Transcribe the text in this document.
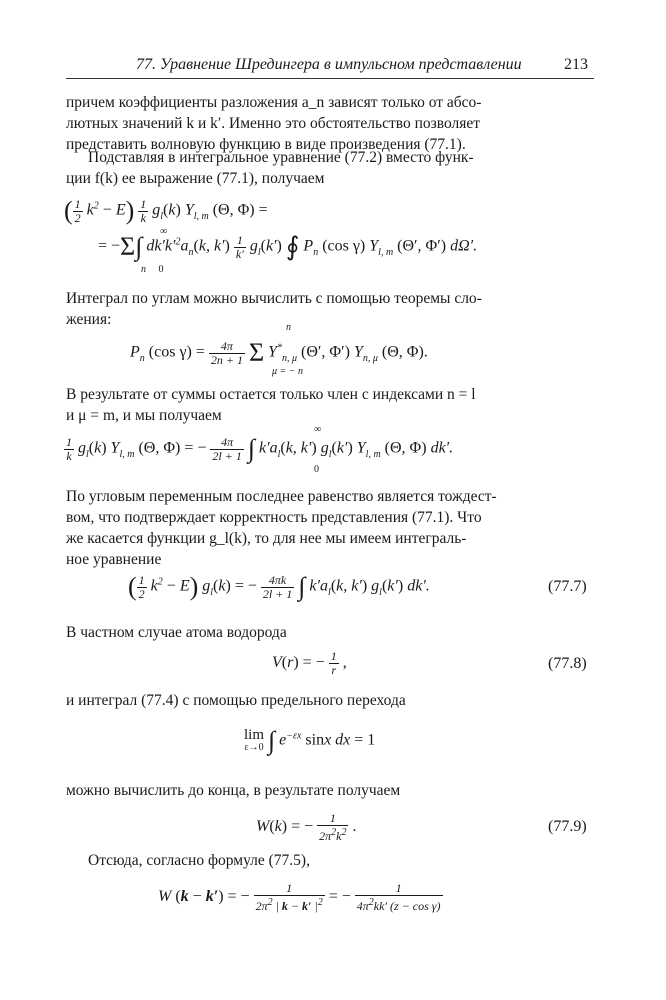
77. Уравнение Шредингера в импульсном представлении	213
причем коэффициенты разложения a_n зависят только от абсо-
лютных значений k и k′. Именно это обстоятельство позволяет
представить волновую функцию в виде произведения (77.1).
Подставляя в интегральное уравнение (77.2) вместо функ-
ции f(k) ее выражение (77.1), получаем
( $\frac{1}{2} k^2 - E) \frac{1}{k} g_l(k)$ $Y_{l, m}$ (Θ, Φ) =
= −Σ∫ $dk'k'^2a_n(k$, $k') \frac{1}{k'} g_l(k')$ ∮ $P_n$ (cos γ) $Y_{l, m}$ (Θ′, Φ′) dΩ′.
n     0
∞
Интеграл по углам можно вычислить с помощью теоремы сло-
жения:
$P_n$ (cos $\gamma) = \frac{4\pi}{2n + 1}$ Σ $Y^*_{n, \mu}$ (Θ′, Φ′) $Y_{n, \mu}$ (Θ, Φ).
n
μ = − n
В результате от суммы остается только член с индексами n = l
и μ = m, и мы получаем
$\frac{1}{k} g_l(k)$ $Y_{l, m}$ (Θ, Φ) = − $\frac{4\pi}{2l + 1}$ ∫ $k'a_l(k$, k′) $g_l(k')$ $Y_{l, m}$ (Θ, Φ) dk′.
∞
0
По угловым переменным последнее равенство является тождест-
вом, что подтверждает корректность представления (77.1). Что
же касается функции g_l(k), то для нее мы имеем интеграль-
ное уравнение
( $\frac{1}{2} k^2 - E$) $g_l(k)$ = − $\frac{4\pi k}{2l + 1}$ ∫ $k'a_l(k$, k′) $g_l(k')$ dk′.	(77.7)
В частном случае атома водорода
V(r) = − $\frac{1}{r}$ ,	(77.8)
и интеграл (77.4) с помощью предельного перехода
lim
ε→0 ∫ $e^{-\varepsilon x}$ sinx dx = 1
можно вычислить до конца, в результате получаем
W(k) = − $\frac{1}{2\pi^2k^2}$ .	(77.9)
Отсюда, согласно формуле (77.5),
W (k − k′) = − $\frac{1}{2\pi^2 | k - k' |^2}$ = − $\frac{1}{4\pi^2kk' (z - \cos \gamma)}$
